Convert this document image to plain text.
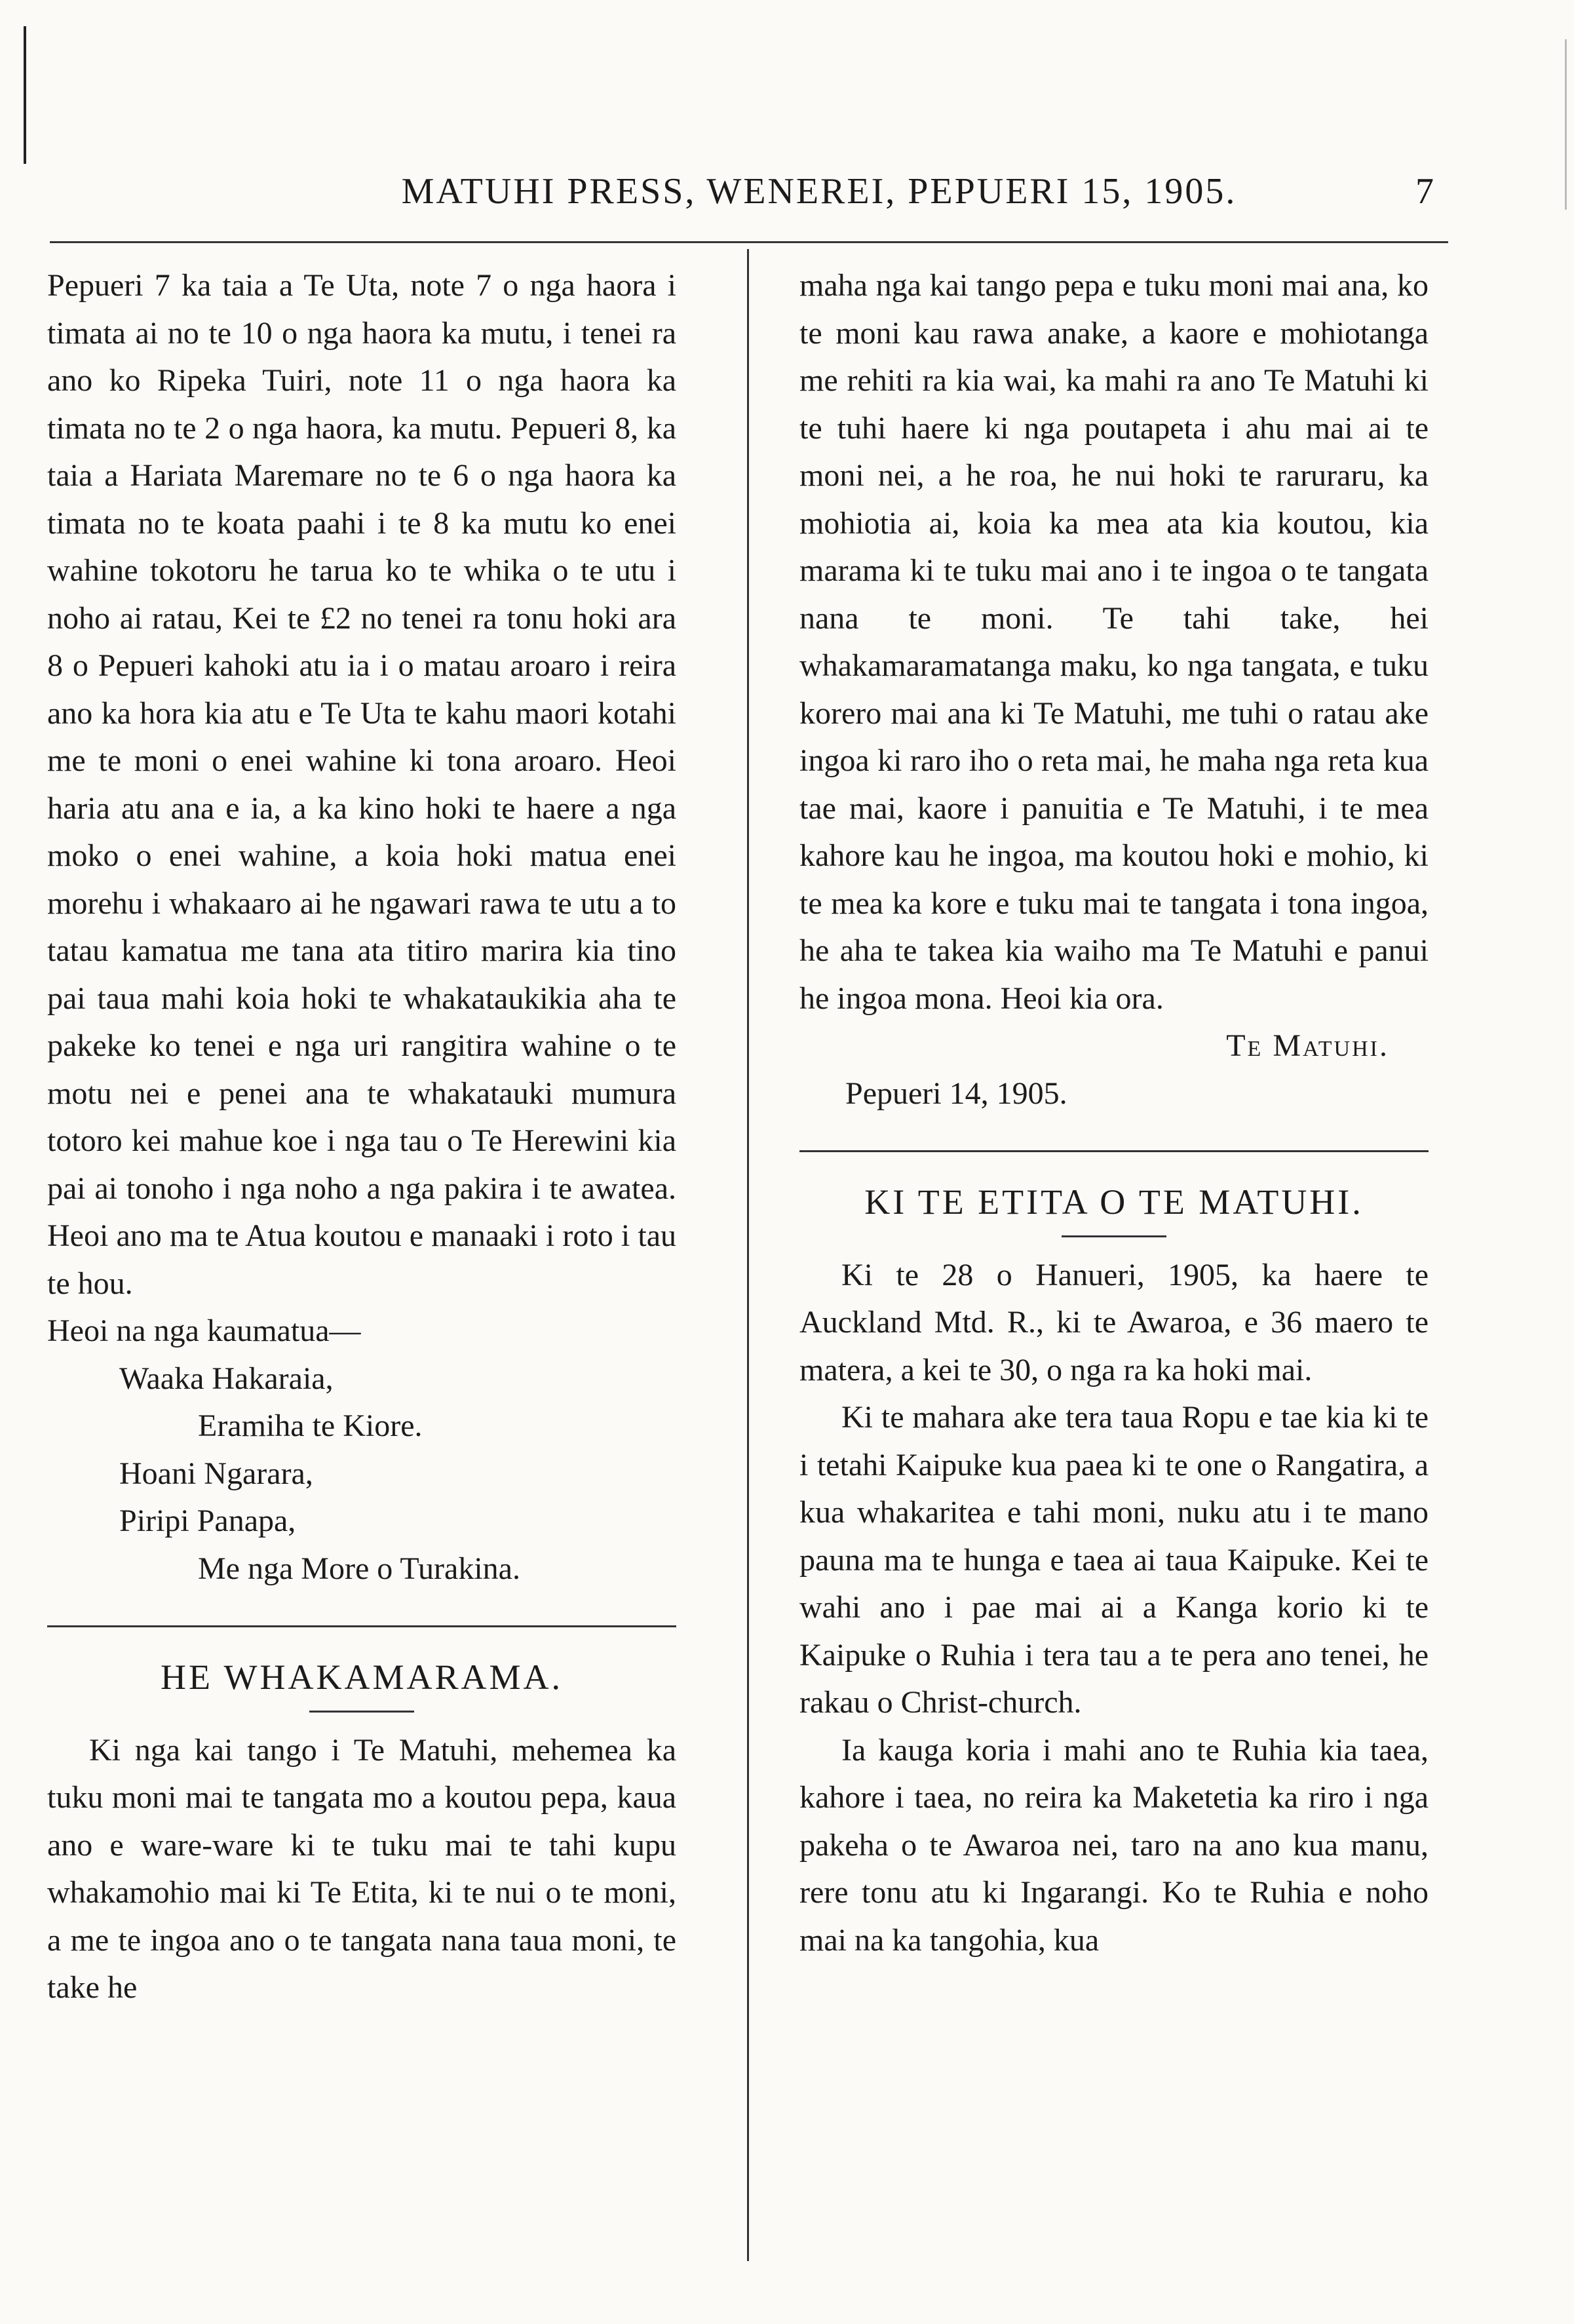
MATUHI PRESS, WENEREI, PEPUERI 15, 1905.	7

Pepueri 7 ka taia a Te Uta, note 7 o nga haora i timata ai no te 10 o nga haora ka mutu, i tenei ra ano ko Ripeka Tuiri, note 11 o nga haora ka timata no te 2 o nga haora, ka mutu. Pepueri 8, ka taia a Hariata Maremare no te 6 o nga haora ka timata no te koata paahi i te 8 ka mutu ko enei wahine tokotoru he tarua ko te whika o te utu i noho ai ratau, Kei te £2 no tenei ra tonu hoki ara 8 o Pepueri kahoki atu ia i o matau aroaro i reira ano ka hora kia atu e Te Uta te kahu maori kotahi me te moni o enei wahine ki tona aroaro. Heoi haria atu ana e ia, a ka kino hoki te haere a nga moko o enei wahine, a koia hoki matua enei morehu i whakaaro ai he ngawari rawa te utu a to tatau kamatua me tana ata titiro marira kia tino pai taua mahi koia hoki te whakataukikia aha te pakeke ko tenei e nga uri rangitira wahine o te motu nei e penei ana te whakatauki mumura totoro kei mahue koe i nga tau o Te Herewini kia pai ai tonoho i nga noho a nga pakira i te awatea. Heoi ano ma te Atua koutou e manaaki i roto i tau te hou.

Heoi na nga kaumatua—

Waaka Hakaraia,

Eramiha te Kiore.

Hoani Ngarara,

Piripi Panapa,

Me nga More o Turakina.

HE WHAKAMARAMA.

Ki nga kai tango i Te Matuhi, mehemea ka tuku moni mai te tangata mo a koutou pepa, kaua ano e ware-ware ki te tuku mai te tahi kupu whakamohio mai ki Te Etita, ki te nui o te moni, a me te ingoa ano o te tangata nana taua moni, te take he

maha nga kai tango pepa e tuku moni mai ana, ko te moni kau rawa anake, a kaore e mohiotanga me rehiti ra kia wai, ka mahi ra ano Te Matuhi ki te tuhi haere ki nga poutapeta i ahu mai ai te moni nei, a he roa, he nui hoki te raruraru, ka mohiotia ai, koia ka mea ata kia koutou, kia marama ki te tuku mai ano i te ingoa o te tangata nana te moni. Te tahi take, hei whakamaramatanga maku, ko nga tangata, e tuku korero mai ana ki Te Matuhi, me tuhi o ratau ake ingoa ki raro iho o reta mai, he maha nga reta kua tae mai, kaore i panuitia e Te Matuhi, i te mea kahore kau he ingoa, ma koutou hoki e mohio, ki te mea ka kore e tuku mai te tangata i tona ingoa, he aha te takea kia waiho ma Te Matuhi e panui he ingoa mona. Heoi kia ora.

Te Matuhi.

Pepueri 14, 1905.

KI TE ETITA O TE MATUHI.

Ki te 28 o Hanueri, 1905, ka haere te Auckland Mtd. R., ki te Awaroa, e 36 maero te matera, a kei te 30, o nga ra ka hoki mai.

Ki te mahara ake tera taua Ropu e tae kia ki te i tetahi Kaipuke kua paea ki te one o Rangatira, a kua whakaritea e tahi moni, nuku atu i te mano pauna ma te hunga e taea ai taua Kaipuke. Kei te wahi ano i pae mai ai a Kanga korio ki te Kaipuke o Ruhia i tera tau a te pera ano tenei, he rakau o Christ-church.

Ia kauga koria i mahi ano te Ruhia kia taea, kahore i taea, no reira ka Maketetia ka riro i nga pakeha o te Awaroa nei, taro na ano kua manu, rere tonu atu ki Ingarangi. Ko te Ruhia e noho mai na ka tangohia, kua
